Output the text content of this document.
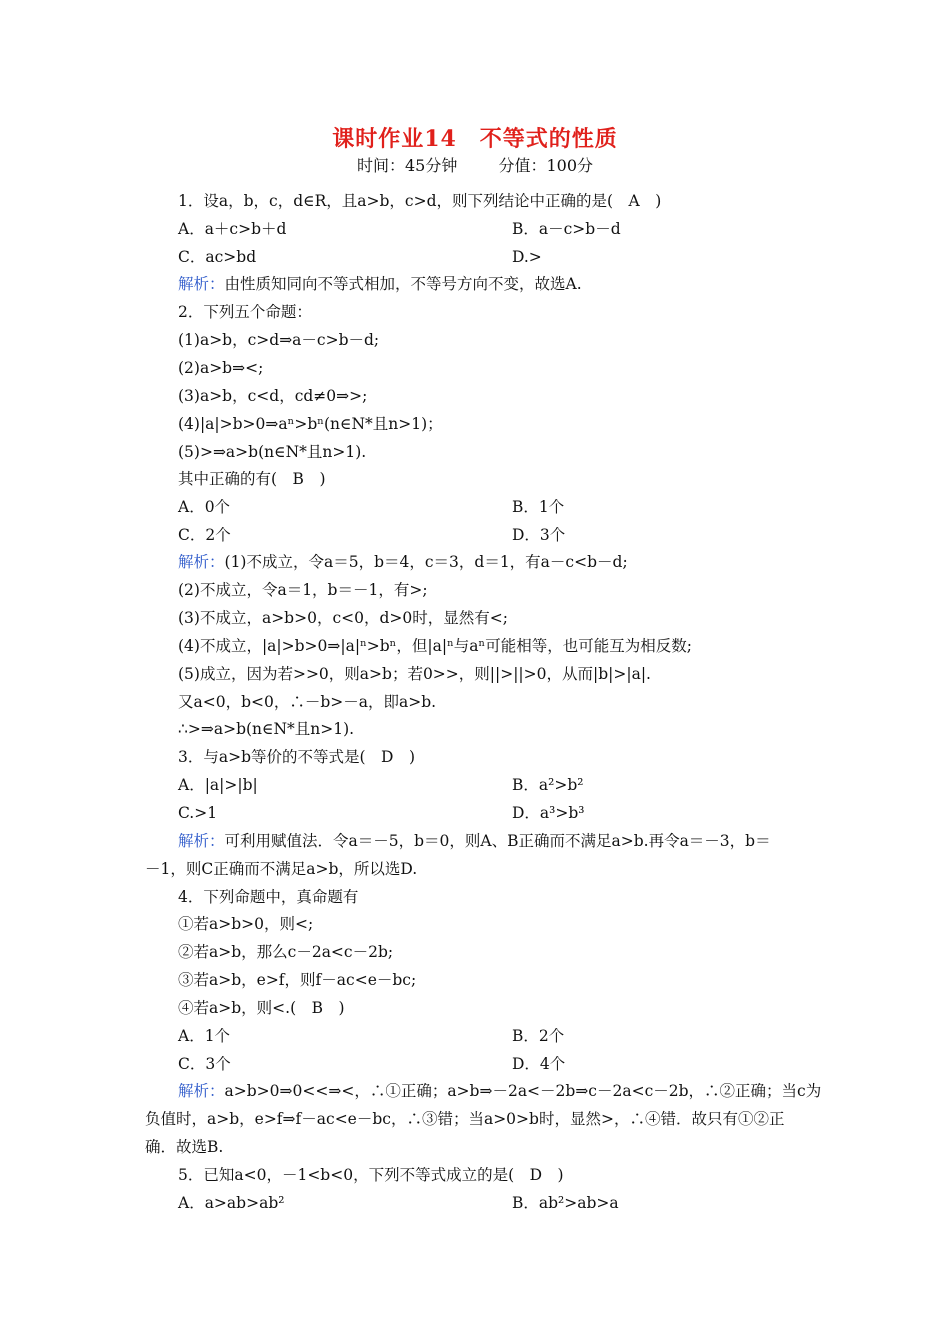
课时作业14　不等式的性质
时间：45分钟	分值：100分
1．设a，b，c，d∈R，且a>b，c>d，则下列结论中正确的是(　A　)
A．a＋c>b＋d	B．a－c>b－d
C．ac>bd	D.>
解析：由性质知同向不等式相加，不等号方向不变，故选A.
2．下列五个命题：
(1)a>b，c>d⇒a－c>b－d;
(2)a>b⇒<;
(3)a>b，c<d，cd≠0⇒>;
(4)|a|>b>0⇒aⁿ>bⁿ(n∈N*且n>1)；
(5)>⇒a>b(n∈N*且n>1).
其中正确的有(　B　)
A．0个	B．1个
C．2个	D．3个
解析：(1)不成立，令a＝5，b＝4，c＝3，d＝1，有a－c<b－d;
(2)不成立，令a＝1，b＝－1，有>;
(3)不成立，a>b>0，c<0，d>0时，显然有<;
(4)不成立，|a|>b>0⇒|a|ⁿ>bⁿ，但|a|ⁿ与aⁿ可能相等，也可能互为相反数;
(5)成立，因为若>>0，则a>b；若0>>，则||>||>0，从而|b|>|a|.
又a<0，b<0，∴－b>－a，即a>b.
∴>⇒a>b(n∈N*且n>1).
3．与a>b等价的不等式是(　D　)
A．|a|>|b|	B．a²>b²
C.>1	D．a³>b³
解析：可利用赋值法．令a＝－5，b＝0，则A、B正确而不满足a>b.再令a＝－3，b＝
－1，则C正确而不满足a>b，所以选D.
4．下列命题中，真命题有
①若a>b>0，则<;
②若a>b，那么c－2a<c－2b;
③若a>b，e>f，则f－ac<e－bc;
④若a>b，则<.(　B　)
A．1个	B．2个
C．3个	D．4个
解析：a>b>0⇒0<<⇒<，∴①正确；a>b⇒－2a<－2b⇒c－2a<c－2b，∴②正确；当c为
负值时，a>b，e>f⇒f－ac<e－bc，∴③错；当a>0>b时，显然>，∴④错．故只有①②正
确．故选B.
5．已知a<0，－1<b<0，下列不等式成立的是(　D　)
A．a>ab>ab²	B．ab²>ab>a
